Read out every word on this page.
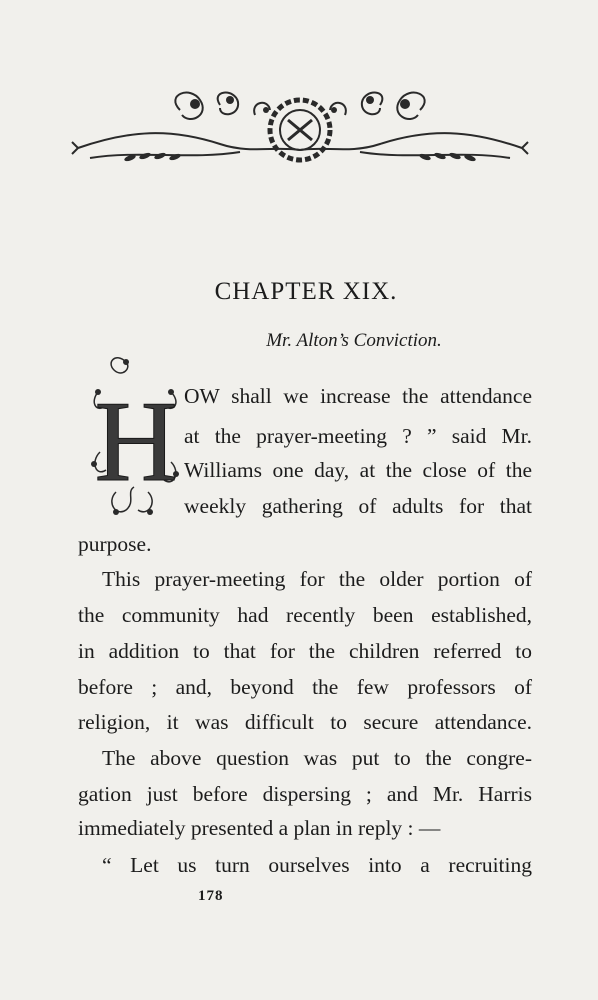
CHAPTER XIX.
Mr. Alton’s Conviction.
H OW shall we increase the attendance
at the prayer-meeting ? ” said Mr.
Williams one day, at the close of the
weekly gathering of adults for that
purpose.
This prayer-meeting for the older portion of
the community had recently been established,
in addition to that for the children referred to
before ; and, beyond the few professors of
religion, it was difficult to secure attendance.
The above question was put to the congre-
gation just before dispersing ; and Mr. Harris
immediately presented a plan in reply : —
“ Let us turn ourselves into a recruiting
178
